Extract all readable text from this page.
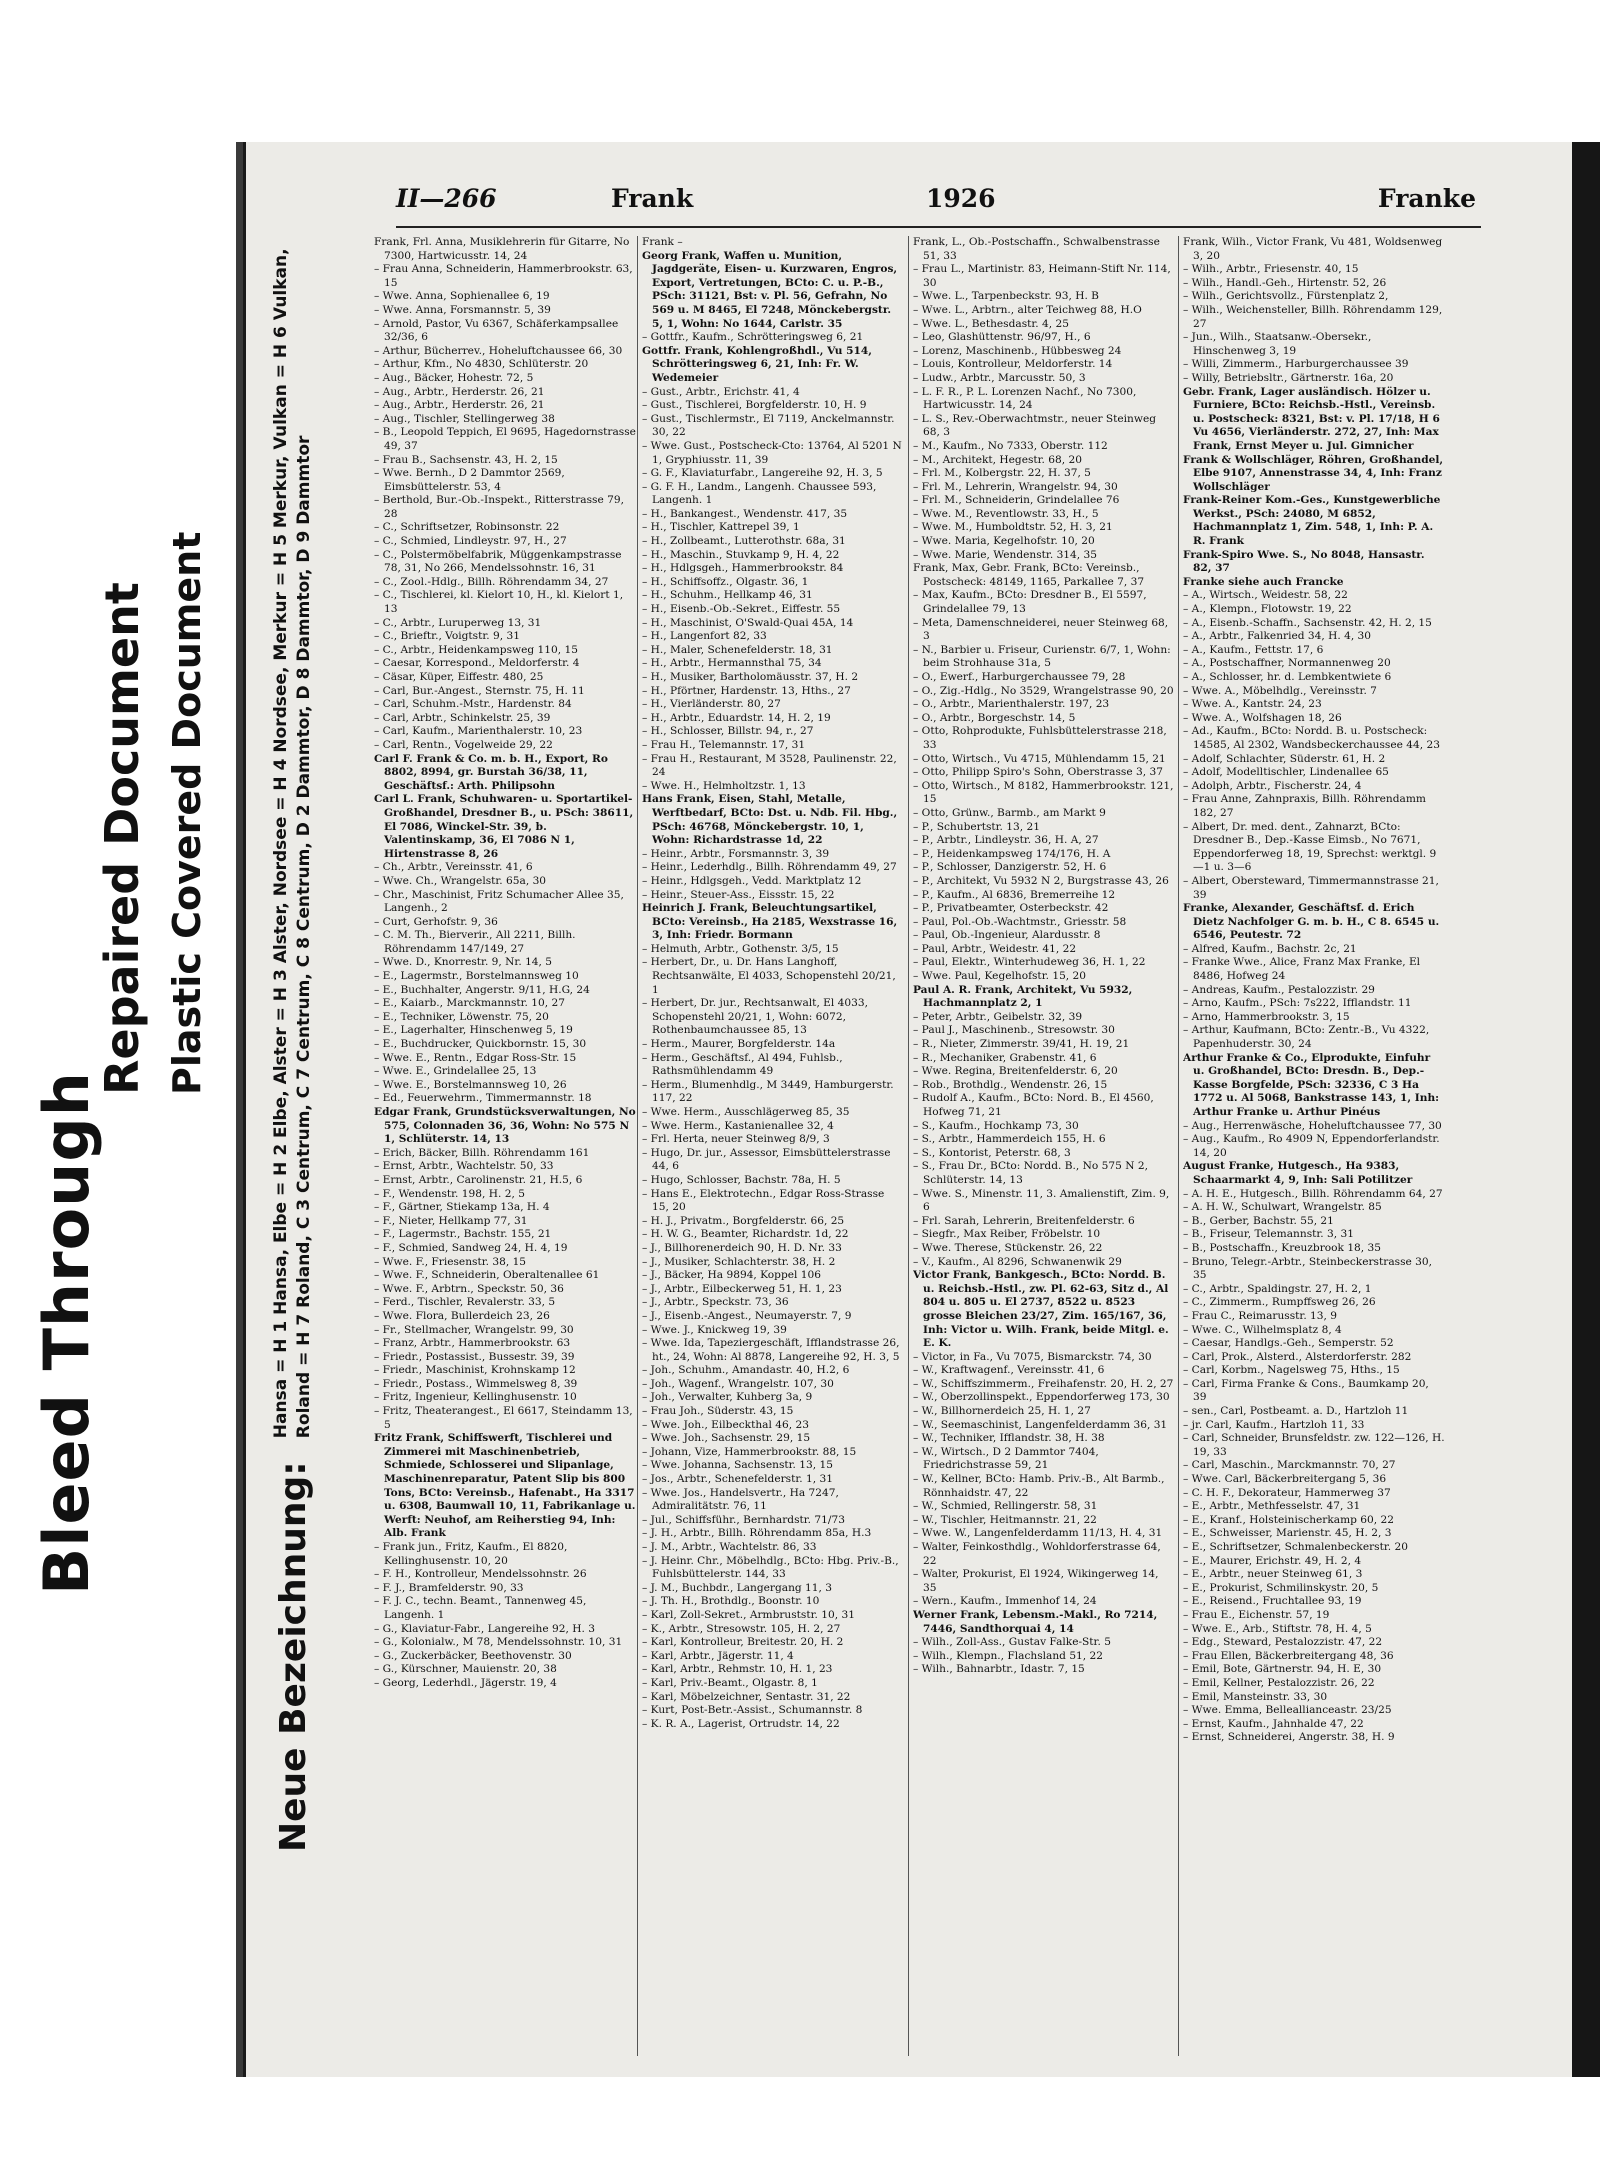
Bleed Through
Repaired Document Plastic Covered Document
II—266	Frank	1926	Franke
Neue Bezeichnung: Hansa = H 1 Hansa, Elbe = H 2 Elbe, Alster = H 3 Alster, Nordsee = H 4 Nordsee, Merkur = H 5 Merkur, Vulkan = H 6 Vulkan, Roland = H 7 Roland, C 3 Centrum, C 7 Centrum, C 8 Centrum, D 2 Dammtor, D 8 Dammtor, D 9 Dammtor

Frank, Frl. Anna, Musiklehrerin für Gitarre, No 7300, Hartwicusstr. 14, 24

– Frau Anna, Schneiderin, Hammerbrookstr. 63, 15

– Wwe. Anna, Sophienallee 6, 19

– Wwe. Anna, Forsmannstr. 5, 39

– Arnold, Pastor, Vu 6367, Schäferkampsallee 32/36, 6

– Arthur, Bücherrev., Hoheluftchaussee 66, 30

– Arthur, Kfm., No 4830, Schlüterstr. 20

– Aug., Bäcker, Hohestr. 72, 5

– Aug., Arbtr., Herderstr. 26, 21

– Aug., Arbtr., Herderstr. 26, 21

– Aug., Tischler, Stellingerweg 38

– B., Leopold Teppich, El 9695, Hagedornstrasse 49, 37

– Frau B., Sachsenstr. 43, H. 2, 15

– Wwe. Bernh., D 2 Dammtor 2569, Eimsbüttelerstr. 53, 4

– Berthold, Bur.-Ob.-Inspekt., Ritterstrasse 79, 28

– C., Schriftsetzer, Robinsonstr. 22

– C., Schmied, Lindleystr. 97, H., 27

– C., Polstermöbelfabrik, Müggenkampstrasse 78, 31, No 266, Mendelssohnstr. 16, 31

– C., Zool.-Hdlg., Billh. Röhrendamm 34, 27

– C., Tischlerei, kl. Kielort 10, H., kl. Kielort 1, 13

– C., Arbtr., Luruperweg 13, 31

– C., Brieftr., Voigtstr. 9, 31

– C., Arbtr., Heidenkampsweg 110, 15

– Caesar, Korrespond., Meldorferstr. 4

– Cäsar, Küper, Eiffestr. 480, 25

– Carl, Bur.-Angest., Sternstr. 75, H. 11

– Carl, Schuhm.-Mstr., Hardenstr. 84

– Carl, Arbtr., Schinkelstr. 25, 39

– Carl, Kaufm., Marienthalerstr. 10, 23

– Carl, Rentn., Vogelweide 29, 22

Carl F. Frank & Co. m. b. H., Export, Ro 8802, 8994, gr. Burstah 36/38, 11, Geschäftsf.: Arth. Philipsohn

Carl L. Frank, Schuhwaren- u. Sportartikel-Großhandel, Dresdner B., u. PSch: 38611, El 7086, Winckel-Str. 39, b. Valentinskamp, 36, El 7086 N 1, Hirtenstrasse 8, 26

– Ch., Arbtr., Vereinsstr. 41, 6

– Wwe. Ch., Wrangelstr. 65a, 30

– Chr., Maschinist, Fritz Schumacher Allee 35, Langenh., 2

– Curt, Gerhofstr. 9, 36

– C. M. Th., Bierverir., All 2211, Billh. Röhrendamm 147/149, 27

– Wwe. D., Knorrestr. 9, Nr. 14, 5

– E., Lagermstr., Borstelmannsweg 10

– E., Buchhalter, Angerstr. 9/11, H.G, 24

– E., Kaiarb., Marckmannstr. 10, 27

– E., Techniker, Löwenstr. 75, 20

– E., Lagerhalter, Hinschenweg 5, 19

– E., Buchdrucker, Quickbornstr. 15, 30

– Wwe. E., Rentn., Edgar Ross-Str. 15

– Wwe. E., Grindelallee 25, 13

– Wwe. E., Borstelmannsweg 10, 26

– Ed., Feuerwehrm., Timmermannstr. 18

Edgar Frank, Grundstücksverwaltungen, No 575, Colonnaden 36, 36, Wohn: No 575 N 1, Schlüterstr. 14, 13

– Erich, Bäcker, Billh. Röhrendamm 161

– Ernst, Arbtr., Wachtelstr. 50, 33

– Ernst, Arbtr., Carolinenstr. 21, H.5, 6

– F., Wendenstr. 198, H. 2, 5

– F., Gärtner, Stiekamp 13a, H. 4

– F., Nieter, Hellkamp 77, 31

– F., Lagermstr., Bachstr. 155, 21

– F., Schmied, Sandweg 24, H. 4, 19

– Wwe. F., Friesenstr. 38, 15

– Wwe. F., Schneiderin, Oberaltenallee 61

– Wwe. F., Arbtrn., Speckstr. 50, 36

– Ferd., Tischler, Revalerstr. 33, 5

– Wwe. Flora, Bullerdeich 23, 26

– Fr., Stellmacher, Wrangelstr. 99, 30

– Franz, Arbtr., Hammerbrookstr. 63

– Friedr., Postassist., Bussestr. 39, 39

– Friedr., Maschinist, Krohnskamp 12

– Friedr., Postass., Wimmelsweg 8, 39

– Fritz, Ingenieur, Kellinghusenstr. 10

– Fritz, Theaterangest., El 6617, Steindamm 13, 5

Fritz Frank, Schiffswerft, Tischlerei und Zimmerei mit Maschinenbetrieb, Schmiede, Schlosserei und Slipanlage, Maschinenreparatur, Patent Slip bis 800 Tons, BCto: Vereinsb., Hafenabt., Ha 3317 u. 6308, Baumwall 10, 11, Fabrikanlage u. Werft: Neuhof, am Reiherstieg 94, Inh: Alb. Frank

– Frank jun., Fritz, Kaufm., El 8820, Kellinghusenstr. 10, 20

– F. H., Kontrolleur, Mendelssohnstr. 26

– F. J., Bramfelderstr. 90, 33

– F. J. C., techn. Beamt., Tannenweg 45, Langenh. 1

– G., Klaviatur-Fabr., Langereihe 92, H. 3

– G., Kolonialw., M 78, Mendelssohnstr. 10, 31

– G., Zuckerbäcker, Beethovenstr. 30

– G., Kürschner, Mauienstr. 20, 38

– Georg, Lederhdl., Jägerstr. 19, 4

Frank –

Georg Frank, Waffen u. Munition, Jagdgeräte, Eisen- u. Kurzwaren, Engros, Export, Vertretungen, BCto: C. u. P.-B., PSch: 31121, Bst: v. Pl. 56, Gefrahn, No 569 u. M 8465, El 7248, Mönckebergstr. 5, 1, Wohn: No 1644, Carlstr. 35

– Gottfr., Kaufm., Schrötteringsweg 6, 21

Gottfr. Frank, Kohlengroßhdl., Vu 514, Schrötteringsweg 6, 21, Inh: Fr. W. Wedemeier

– Gust., Arbtr., Erichstr. 41, 4

– Gust., Tischlerei, Borgfelderstr. 10, H. 9

– Gust., Tischlermstr., El 7119, Anckelmannstr. 30, 22

– Wwe. Gust., Postscheck-Cto: 13764, Al 5201 N 1, Gryphiusstr. 11, 39

– G. F., Klaviaturfabr., Langereihe 92, H. 3, 5

– G. F. H., Landm., Langenh. Chaussee 593, Langenh. 1

– H., Bankangest., Wendenstr. 417, 35

– H., Tischler, Kattrepel 39, 1

– H., Zollbeamt., Lutterothstr. 68a, 31

– H., Maschin., Stuvkamp 9, H. 4, 22

– H., Hdlgsgeh., Hammerbrookstr. 84

– H., Schiffsoffz., Olgastr. 36, 1

– H., Schuhm., Hellkamp 46, 31

– H., Eisenb.-Ob.-Sekret., Eiffestr. 55

– H., Maschinist, O'Swald-Quai 45A, 14

– H., Langenfort 82, 33

– H., Maler, Schenefelderstr. 18, 31

– H., Arbtr., Hermannsthal 75, 34

– H., Musiker, Bartholomäusstr. 37, H. 2

– H., Pförtner, Hardenstr. 13, Hths., 27

– H., Vierländerstr. 80, 27

– H., Arbtr., Eduardstr. 14, H. 2, 19

– H., Schlosser, Billstr. 94, r., 27

– Frau H., Telemannstr. 17, 31

– Frau H., Restaurant, M 3528, Paulinenstr. 22, 24

– Wwe. H., Helmholtzstr. 1, 13

Hans Frank, Eisen, Stahl, Metalle, Werftbedarf, BCto: Dst. u. Ndb. Fil. Hbg., PSch: 46768, Mönckebergstr. 10, 1, Wohn: Richardstrasse 1d, 22

– Heinr., Arbtr., Forsmannstr. 3, 39

– Heinr., Lederhdlg., Billh. Röhrendamm 49, 27

– Heinr., Hdlgsgeh., Vedd. Marktplatz 12

– Heinr., Steuer-Ass., Eissstr. 15, 22

Heinrich J. Frank, Beleuchtungsartikel, BCto: Vereinsb., Ha 2185, Wexstrasse 16, 3, Inh: Friedr. Bormann

– Helmuth, Arbtr., Gothenstr. 3/5, 15

– Herbert, Dr., u. Dr. Hans Langhoff, Rechtsanwälte, El 4033, Schopenstehl 20/21, 1

– Herbert, Dr. jur., Rechtsanwalt, El 4033, Schopenstehl 20/21, 1, Wohn: 6072, Rothenbaumchaussee 85, 13

– Herm., Maurer, Borgfelderstr. 14a

– Herm., Geschäftsf., Al 494, Fuhlsb., Rathsmühlendamm 49

– Herm., Blumenhdlg., M 3449, Hamburgerstr. 117, 22

– Wwe. Herm., Ausschlägerweg 85, 35

– Wwe. Herm., Kastanienallee 32, 4

– Frl. Herta, neuer Steinweg 8/9, 3

– Hugo, Dr. jur., Assessor, Eimsbüttelerstrasse 44, 6

– Hugo, Schlosser, Bachstr. 78a, H. 5

– Hans E., Elektrotechn., Edgar Ross-Strasse 15, 20

– H. J., Privatm., Borgfelderstr. 66, 25

– H. W. G., Beamter, Richardstr. 1d, 22

– J., Billhorenerdeich 90, H. D. Nr. 33

– J., Musiker, Schlachterstr. 38, H. 2

– J., Bäcker, Ha 9894, Koppel 106

– J., Arbtr., Eilbeckerweg 51, H. 1, 23

– J., Arbtr., Speckstr. 73, 36

– J., Eisenb.-Angest., Neumayerstr. 7, 9

– Wwe. J., Knickweg 19, 39

– Wwe. Ida, Tapeziergeschäft, Ifflandstrasse 26, ht., 24, Wohn: Al 8878, Langereihe 92, H. 3, 5

– Joh., Schuhm., Amandastr. 40, H.2, 6

– Joh., Wagenf., Wrangelstr. 107, 30

– Joh., Verwalter, Kuhberg 3a, 9

– Frau Joh., Süderstr. 43, 15

– Wwe. Joh., Eilbeckthal 46, 23

– Wwe. Joh., Sachsenstr. 29, 15

– Johann, Vize, Hammerbrookstr. 88, 15

– Wwe. Johanna, Sachsenstr. 13, 15

– Jos., Arbtr., Schenefelderstr. 1, 31

– Wwe. Jos., Handelsvertr., Ha 7247, Admiralitätstr. 76, 11

– Jul., Schiffsführ., Bernhardstr. 71/73

– J. H., Arbtr., Billh. Röhrendamm 85a, H.3

– J. M., Arbtr., Wachtelstr. 86, 33

– J. Heinr. Chr., Möbelhdlg., BCto: Hbg. Priv.-B., Fuhlsbüttelerstr. 144, 33

– J. M., Buchbdr., Langergang 11, 3

– J. Th. H., Brothdlg., Boonstr. 10

– Karl, Zoll-Sekret., Armbruststr. 10, 31

– K., Arbtr., Stresowstr. 105, H. 2, 27

– Karl, Kontrolleur, Breitestr. 20, H. 2

– Karl, Arbtr., Jägerstr. 11, 4

– Karl, Arbtr., Rehmstr. 10, H. 1, 23

– Karl, Priv.-Beamt., Olgastr. 8, 1

– Karl, Möbelzeichner, Sentastr. 31, 22

– Kurt, Post-Betr.-Assist., Schumannstr. 8

– K. R. A., Lagerist, Ortrudstr. 14, 22

Frank, L., Ob.-Postschaffn., Schwalbenstrasse 51, 33

– Frau L., Martinistr. 83, Heimann-Stift Nr. 114, 30

– Wwe. L., Tarpenbeckstr. 93, H. B

– Wwe. L., Arbtrn., alter Teichweg 88, H.O

– Wwe. L., Bethesdastr. 4, 25

– Leo, Glashüttenstr. 96/97, H., 6

– Lorenz, Maschinenb., Hübbesweg 24

– Louis, Kontrolleur, Meldorferstr. 14

– Ludw., Arbtr., Marcusstr. 50, 3

– L. F. R., P. L. Lorenzen Nachf., No 7300, Hartwicusstr. 14, 24

– L. S., Rev.-Oberwachtmstr., neuer Steinweg 68, 3

– M., Kaufm., No 7333, Oberstr. 112

– M., Architekt, Hegestr. 68, 20

– Frl. M., Kolbergstr. 22, H. 37, 5

– Frl. M., Lehrerin, Wrangelstr. 94, 30

– Frl. M., Schneiderin, Grindelallee 76

– Wwe. M., Reventlowstr. 33, H., 5

– Wwe. M., Humboldtstr. 52, H. 3, 21

– Wwe. Maria, Kegelhofstr. 10, 20

– Wwe. Marie, Wendenstr. 314, 35

Frank, Max, Gebr. Frank, BCto: Vereinsb., Postscheck: 48149, 1165, Parkallee 7, 37

– Max, Kaufm., BCto: Dresdner B., El 5597, Grindelallee 79, 13

– Meta, Damenschneiderei, neuer Steinweg 68, 3

– N., Barbier u. Friseur, Curienstr. 6/7, 1, Wohn: beim Strohhause 31a, 5

– O., Ewerf., Harburgerchaussee 79, 28

– O., Zig.-Hdlg., No 3529, Wrangelstrasse 90, 20

– O., Arbtr., Marienthalerstr. 197, 23

– O., Arbtr., Borgeschstr. 14, 5

– Otto, Rohprodukte, Fuhlsbüttelerstrasse 218, 33

– Otto, Wirtsch., Vu 4715, Mühlendamm 15, 21

– Otto, Philipp Spiro's Sohn, Oberstrasse 3, 37

– Otto, Wirtsch., M 8182, Hammerbrookstr. 121, 15

– Otto, Grünw., Barmb., am Markt 9

– P., Schubertstr. 13, 21

– P., Arbtr., Lindleystr. 36, H. A, 27

– P., Heidenkampsweg 174/176, H. A

– P., Schlosser, Danzigerstr. 52, H. 6

– P., Architekt, Vu 5932 N 2, Burgstrasse 43, 26

– P., Kaufm., Al 6836, Bremerreihe 12

– P., Privatbeamter, Osterbeckstr. 42

– Paul, Pol.-Ob.-Wachtmstr., Griesstr. 58

– Paul, Ob.-Ingenieur, Alardusstr. 8

– Paul, Arbtr., Weidestr. 41, 22

– Paul, Elektr., Winterhudeweg 36, H. 1, 22

– Wwe. Paul, Kegelhofstr. 15, 20

Paul A. R. Frank, Architekt, Vu 5932, Hachmannplatz 2, 1

– Peter, Arbtr., Geibelstr. 32, 39

– Paul J., Maschinenb., Stresowstr. 30

– R., Nieter, Zimmerstr. 39/41, H. 19, 21

– R., Mechaniker, Grabenstr. 41, 6

– Wwe. Regina, Breitenfelderstr. 6, 20

– Rob., Brothdlg., Wendenstr. 26, 15

– Rudolf A., Kaufm., BCto: Nord. B., El 4560, Hofweg 71, 21

– S., Kaufm., Hochkamp 73, 30

– S., Arbtr., Hammerdeich 155, H. 6

– S., Kontorist, Peterstr. 68, 3

– S., Frau Dr., BCto: Nordd. B., No 575 N 2, Schlüterstr. 14, 13

– Wwe. S., Minenstr. 11, 3. Amalienstift, Zim. 9, 6

– Frl. Sarah, Lehrerin, Breitenfelderstr. 6

– Siegfr., Max Reiber, Fröbelstr. 10

– Wwe. Therese, Stückenstr. 26, 22

– V., Kaufm., Al 8296, Schwanenwik 29

Victor Frank, Bankgesch., BCto: Nordd. B. u. Reichsb.-Hstl., zw. Pl. 62-63, Sitz d., Al 804 u. 805 u. El 2737, 8522 u. 8523 grosse Bleichen 23/27, Zim. 165/167, 36, Inh: Victor u. Wilh. Frank, beide Mitgl. e. E. K.

– Victor, in Fa., Vu 7075, Bismarckstr. 74, 30

– W., Kraftwagenf., Vereinsstr. 41, 6

– W., Schiffszimmerm., Freihafenstr. 20, H. 2, 27

– W., Oberzollinspekt., Eppendorferweg 173, 30

– W., Billhornerdeich 25, H. 1, 27

– W., Seemaschinist, Langenfelderdamm 36, 31

– W., Techniker, Ifflandstr. 38, H. 38

– W., Wirtsch., D 2 Dammtor 7404, Friedrichstrasse 59, 21

– W., Kellner, BCto: Hamb. Priv.-B., Alt Barmb., Rönnhaidstr. 47, 22

– W., Schmied, Rellingerstr. 58, 31

– W., Tischler, Heitmannstr. 21, 22

– Wwe. W., Langenfelderdamm 11/13, H. 4, 31

– Walter, Feinkosthdlg., Wohldorferstrasse 64, 22

– Walter, Prokurist, El 1924, Wikingerweg 14, 35

– Wern., Kaufm., Immenhof 14, 24

Werner Frank, Lebensm.-Makl., Ro 7214, 7446, Sandthorquai 4, 14

– Wilh., Zoll-Ass., Gustav Falke-Str. 5

– Wilh., Klempn., Flachsland 51, 22

– Wilh., Bahnarbtr., Idastr. 7, 15

Frank, Wilh., Victor Frank, Vu 481, Woldsenweg 3, 20

– Wilh., Arbtr., Friesenstr. 40, 15

– Wilh., Handl.-Geh., Hirtenstr. 52, 26

– Wilh., Gerichtsvollz., Fürstenplatz 2,

– Wilh., Weichensteller, Billh. Röhrendamm 129, 27

– Jun., Wilh., Staatsanw.-Obersekr., Hinschenweg 3, 19

– Willi, Zimmerm., Harburgerchaussee 39

– Willy, Betriebsltr., Gärtnerstr. 16a, 20

Gebr. Frank, Lager ausländisch. Hölzer u. Furniere, BCto: Reichsb.-Hstl., Vereinsb. u. Postscheck: 8321, Bst: v. Pl. 17/18, H 6 Vu 4656, Vierländerstr. 272, 27, Inh: Max Frank, Ernst Meyer u. Jul. Gimnicher

Frank & Wollschläger, Röhren, Großhandel, Elbe 9107, Annenstrasse 34, 4, Inh: Franz Wollschläger

Frank-Reiner Kom.-Ges., Kunstgewerbliche Werkst., PSch: 24080, M 6852, Hachmannplatz 1, Zim. 548, 1, Inh: P. A. R. Frank

Frank-Spiro Wwe. S., No 8048, Hansastr. 82, 37

Franke siehe auch Francke

– A., Wirtsch., Weidestr. 58, 22

– A., Klempn., Flotowstr. 19, 22

– A., Eisenb.-Schaffn., Sachsenstr. 42, H. 2, 15

– A., Arbtr., Falkenried 34, H. 4, 30

– A., Kaufm., Fettstr. 17, 6

– A., Postschaffner, Normannenweg 20

– A., Schlosser, hr. d. Lembkentwiete 6

– Wwe. A., Möbelhdlg., Vereinsstr. 7

– Wwe. A., Kantstr. 24, 23

– Wwe. A., Wolfshagen 18, 26

– Ad., Kaufm., BCto: Nordd. B. u. Postscheck: 14585, Al 2302, Wandsbeckerchaussee 44, 23

– Adolf, Schlachter, Süderstr. 61, H. 2

– Adolf, Modelltischler, Lindenallee 65

– Adolph, Arbtr., Fischerstr. 24, 4

– Frau Anne, Zahnpraxis, Billh. Röhrendamm 182, 27

– Albert, Dr. med. dent., Zahnarzt, BCto: Dresdner B., Dep.-Kasse Eimsb., No 7671, Eppendorferweg 18, 19, Sprechst: werktgl. 9—1 u. 3—6

– Albert, Obersteward, Timmermannstrasse 21, 39

Franke, Alexander, Geschäftsf. d. Erich Dietz Nachfolger G. m. b. H., C 8. 6545 u. 6546, Peutestr. 72

– Alfred, Kaufm., Bachstr. 2c, 21

– Franke Wwe., Alice, Franz Max Franke, El 8486, Hofweg 24

– Andreas, Kaufm., Pestalozzistr. 29

– Arno, Kaufm., PSch: 7s222, Ifflandstr. 11

– Arno, Hammerbrookstr. 3, 15

– Arthur, Kaufmann, BCto: Zentr.-B., Vu 4322, Papenhuderstr. 30, 24

Arthur Franke & Co., Elprodukte, Einfuhr u. Großhandel, BCto: Dresdn. B., Dep.-Kasse Borgfelde, PSch: 32336, C 3 Ha 1772 u. Al 5068, Bankstrasse 143, 1, Inh: Arthur Franke u. Arthur Pinéus

– Aug., Herrenwäsche, Hoheluftchaussee 77, 30

– Aug., Kaufm., Ro 4909 N, Eppendorferlandstr. 14, 20

August Franke, Hutgesch., Ha 9383, Schaarmarkt 4, 9, Inh: Sali Potilitzer

– A. H. E., Hutgesch., Billh. Röhrendamm 64, 27

– A. H. W., Schulwart, Wrangelstr. 85

– B., Gerber, Bachstr. 55, 21

– B., Friseur, Telemannstr. 3, 31

– B., Postschaffn., Kreuzbrook 18, 35

– Bruno, Telegr.-Arbtr., Steinbeckerstrasse 30, 35

– C., Arbtr., Spaldingstr. 27, H. 2, 1

– C., Zimmerm., Rumpffsweg 26, 26

– Frau C., Reimarusstr. 13, 9

– Wwe. C., Wilhelmsplatz 8, 4

– Caesar, Handlgs.-Geh., Semperstr. 52

– Carl, Prok., Alsterd., Alsterdorferstr. 282

– Carl, Korbm., Nagelsweg 75, Hths., 15

– Carl, Firma Franke & Cons., Baumkamp 20, 39

– sen., Carl, Postbeamt. a. D., Hartzloh 11

– jr. Carl, Kaufm., Hartzloh 11, 33

– Carl, Schneider, Brunsfeldstr. zw. 122—126, H. 19, 33

– Carl, Maschin., Marckmannstr. 70, 27

– Wwe. Carl, Bäckerbreitergang 5, 36

– C. H. F., Dekorateur, Hammerweg 37

– E., Arbtr., Methfesselstr. 47, 31

– E., Kranf., Holsteinischerkamp 60, 22

– E., Schweisser, Marienstr. 45, H. 2, 3

– E., Schriftsetzer, Schmalenbeckerstr. 20

– E., Maurer, Erichstr. 49, H. 2, 4

– E., Arbtr., neuer Steinweg 61, 3

– E., Prokurist, Schmilinskystr. 20, 5

– E., Reisend., Fruchtallee 93, 19

– Frau E., Eichenstr. 57, 19

– Wwe. E., Arb., Stiftstr. 78, H. 4, 5

– Edg., Steward, Pestalozzistr. 47, 22

– Frau Ellen, Bäckerbreitergang 48, 36

– Emil, Bote, Gärtnerstr. 94, H. E, 30

– Emil, Kellner, Pestalozzistr. 26, 22

– Emil, Mansteinstr. 33, 30

– Wwe. Emma, Belleallianceastr. 23/25

– Ernst, Kaufm., Jahnhalde 47, 22

– Ernst, Schneiderei, Angerstr. 38, H. 9
